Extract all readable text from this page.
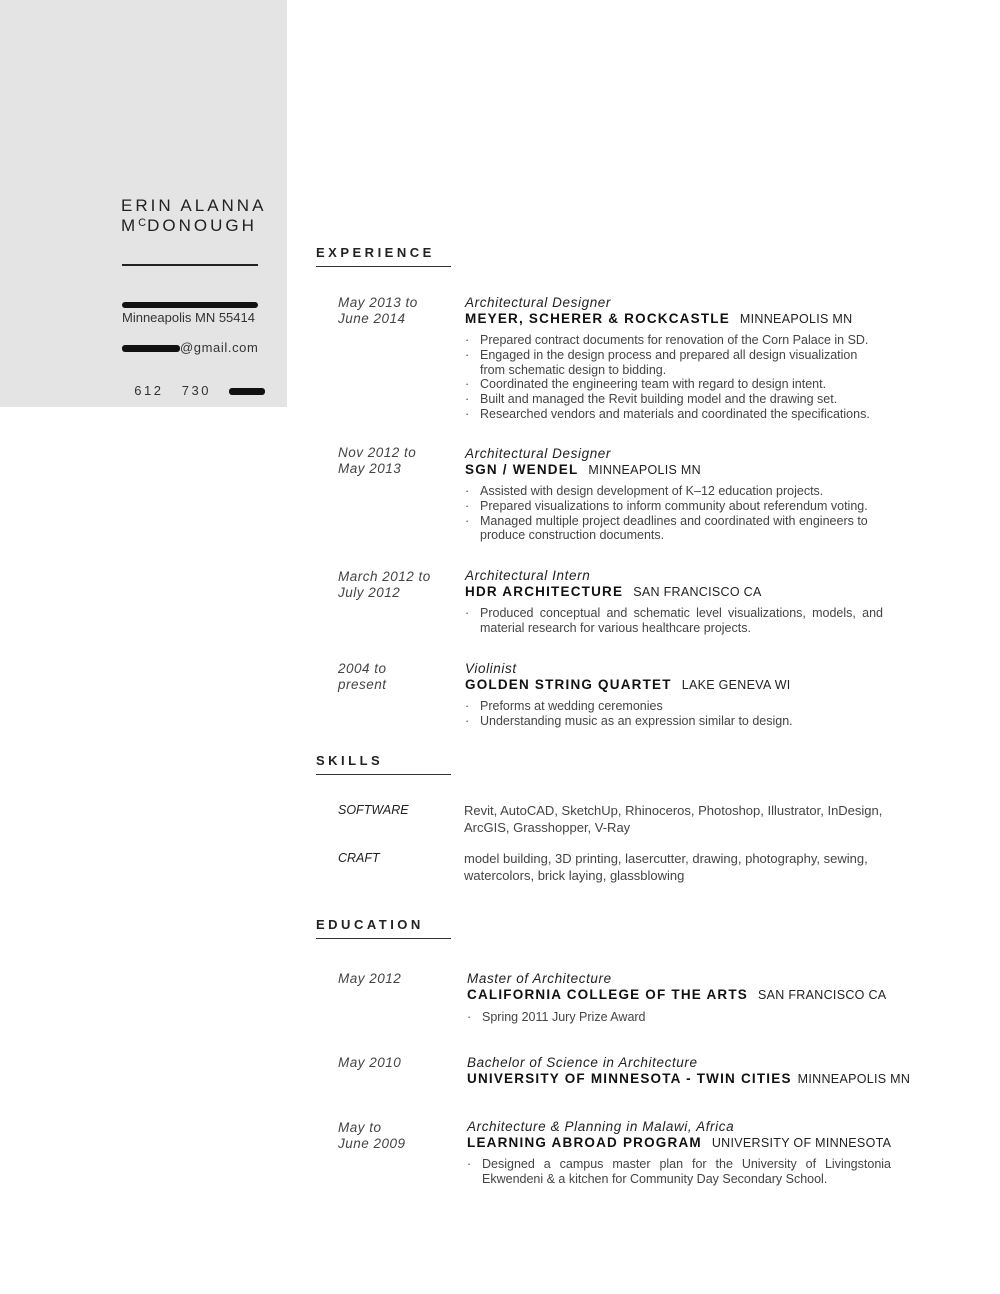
ERIN ALANNA
$M^CDONOUGH$
Minneapolis MN 55414
@gmail.com

612   730

EXPERIENCE
May 2013 to
June 2014
Architectural Designer
MEYER, SCHERER & ROCKCASTLE MINNEAPOLIS MN
· Prepared contract documents for renovation of the Corn Palace in SD.
· Engaged in the design process and prepared all design visualization from schematic design to bidding.
· Coordinated the engineering team with regard to design intent.
· Built and managed the Revit building model and the drawing set.
· Researched vendors and materials and coordinated the specifications.
Nov 2012 to
May 2013
Architectural Designer
SGN / WENDEL MINNEAPOLIS MN
· Assisted with design development of K–12 education projects.
· Prepared visualizations to inform community about referendum voting.
· Managed multiple project deadlines and coordinated with engineers to produce construction documents.
March 2012 to
July 2012
Architectural Intern
HDR ARCHITECTURE SAN FRANCISCO CA
· Produced conceptual and schematic level visualizations, models, and material research for various healthcare projects.
2004 to
present
Violinist
GOLDEN STRING QUARTET LAKE GENEVA WI
· Preforms at wedding ceremonies
· Understanding music as an expression similar to design.
SKILLS
SOFTWARE	Revit, AutoCAD, SketchUp, Rhinoceros, Photoshop, Illustrator, InDesign, ArcGIS, Grasshopper, V-Ray
CRAFT	model building, 3D printing, lasercutter, drawing, photography, sewing, watercolors, brick laying, glassblowing
EDUCATION
May 2012	Master of Architecture
CALIFORNIA COLLEGE OF THE ARTS SAN FRANCISCO CA
· Spring 2011 Jury Prize Award
May 2010	Bachelor of Science in Architecture
UNIVERSITY OF MINNESOTA - TWIN CITIES MINNEAPOLIS MN
May to
June 2009
Architecture & Planning in Malawi, Africa
LEARNING ABROAD PROGRAM UNIVERSITY OF MINNESOTA
· Designed a campus master plan for the University of Livingstonia Ekwendeni & a kitchen for Community Day Secondary School.
